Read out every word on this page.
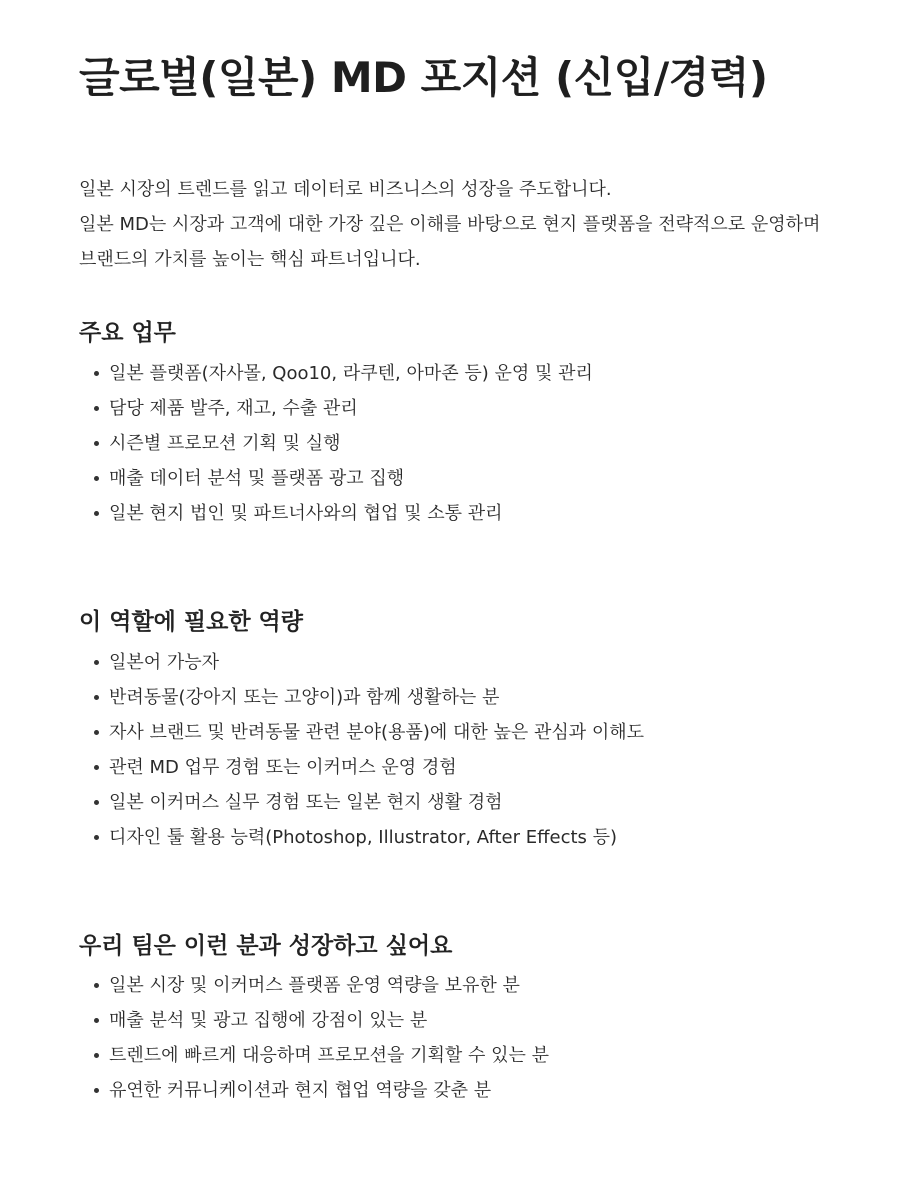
글로벌(일본) MD 포지션 (신입/경력)

일본 시장의 트렌드를 읽고 데이터로 비즈니스의 성장을 주도합니다.

일본 MD는 시장과 고객에 대한 가장 깊은 이해를 바탕으로 현지 플랫폼을 전략적으로 운영하며

브랜드의 가치를 높이는 핵심 파트너입니다.

주요 업무
일본 플랫폼(자사몰, Qoo10, 라쿠텐, 아마존 등) 운영 및 관리
담당 제품 발주, 재고, 수출 관리
시즌별 프로모션 기획 및 실행
매출 데이터 분석 및 플랫폼 광고 집행
일본 현지 법인 및 파트너사와의 협업 및 소통 관리
이 역할에 필요한 역량
일본어 가능자
반려동물(강아지 또는 고양이)과 함께 생활하는 분
자사 브랜드 및 반려동물 관련 분야(용품)에 대한 높은 관심과 이해도
관련 MD 업무 경험 또는 이커머스 운영 경험
일본 이커머스 실무 경험 또는 일본 현지 생활 경험
디자인 툴 활용 능력(Photoshop, Illustrator, After Effects 등)
우리 팀은 이런 분과 성장하고 싶어요
일본 시장 및 이커머스 플랫폼 운영 역량을 보유한 분
매출 분석 및 광고 집행에 강점이 있는 분
트렌드에 빠르게 대응하며 프로모션을 기획할 수 있는 분
유연한 커뮤니케이션과 현지 협업 역량을 갖춘 분
